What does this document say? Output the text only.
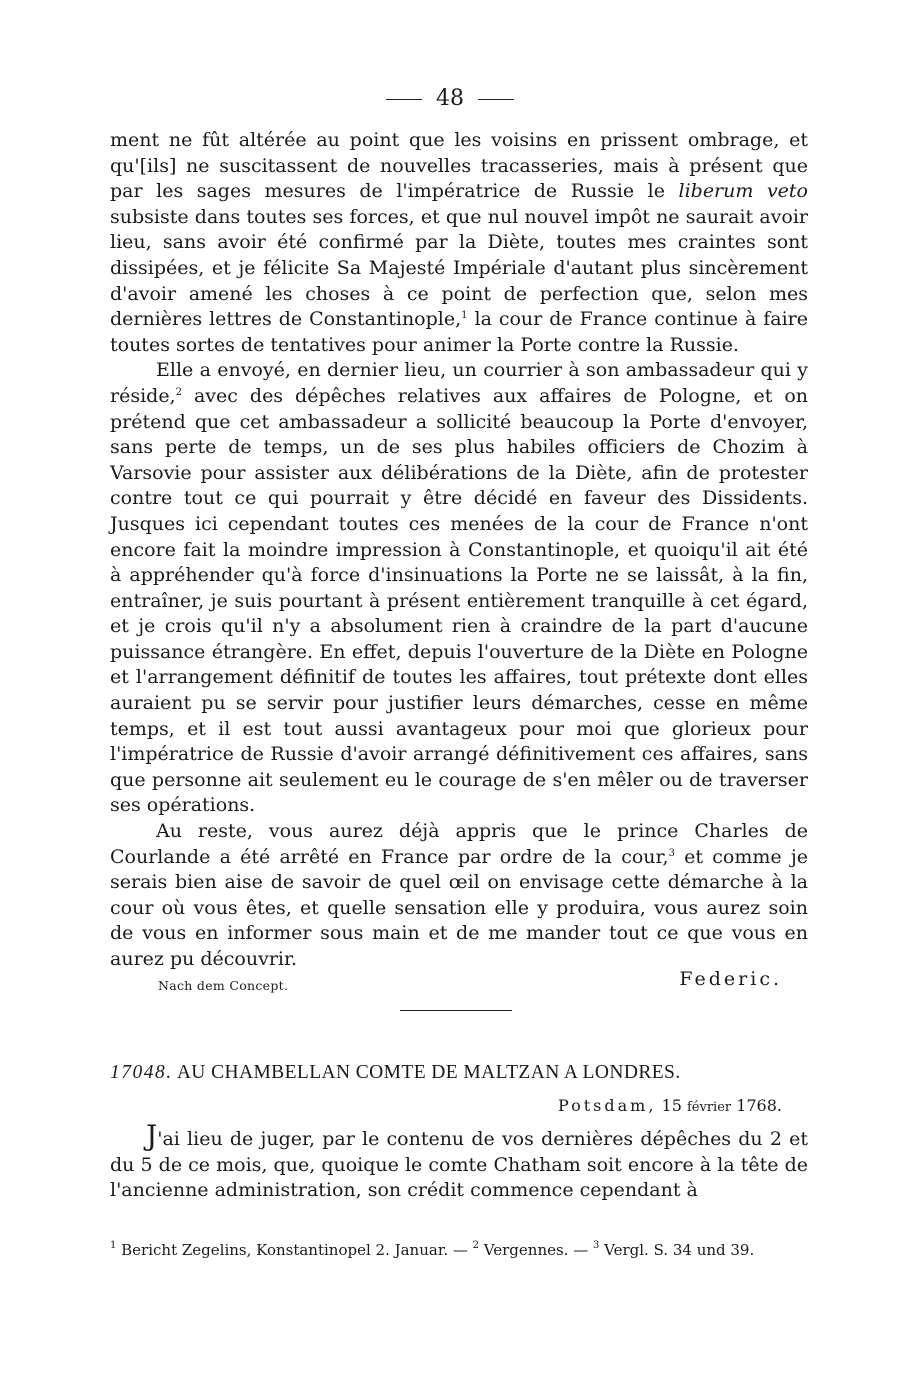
48

ment ne fût altérée au point que les voisins en prissent ombrage, et qu'[ils] ne suscitassent de nouvelles tracasseries, mais à présent que par les sages mesures de l'impératrice de Russie le liberum veto subsiste dans toutes ses forces, et que nul nouvel impôt ne saurait avoir lieu, sans avoir été confirmé par la Diète, toutes mes craintes sont dissipées, et je félicite Sa Majesté Impériale d'autant plus sincèrement d'avoir amené les choses à ce point de perfection que, selon mes dernières lettres de Constantinople,$^1$ la cour de France continue à faire toutes sortes de tentatives pour animer la Porte contre la Russie.

Elle a envoyé, en dernier lieu, un courrier à son ambassadeur qui y réside,$^2$ avec des dépêches relatives aux affaires de Pologne, et on prétend que cet ambassadeur a sollicité beaucoup la Porte d'envoyer, sans perte de temps, un de ses plus habiles officiers de Chozim à Varsovie pour assister aux délibérations de la Diète, afin de protester contre tout ce qui pourrait y être décidé en faveur des Dissidents. Jusques ici cependant toutes ces menées de la cour de France n'ont encore fait la moindre impression à Constantinople, et quoiqu'il ait été à appréhender qu'à force d'insinuations la Porte ne se laissât, à la fin, entraîner, je suis pourtant à présent entièrement tranquille à cet égard, et je crois qu'il n'y a absolument rien à craindre de la part d'aucune puissance étrangère. En effet, depuis l'ouverture de la Diète en Pologne et l'arrangement définitif de toutes les affaires, tout prétexte dont elles auraient pu se servir pour justifier leurs démarches, cesse en même temps, et il est tout aussi avantageux pour moi que glorieux pour l'impératrice de Russie d'avoir arrangé définitivement ces affaires, sans que personne ait seulement eu le courage de s'en mêler ou de traverser ses opérations.

Au reste, vous aurez déjà appris que le prince Charles de Courlande a été arrêté en France par ordre de la cour,$^3$ et comme je serais bien aise de savoir de quel œil on envisage cette démarche à la cour où vous êtes, et quelle sensation elle y produira, vous aurez soin de vous en informer sous main et de me mander tout ce que vous en aurez pu découvrir.

Nach dem Concept.	Federic.
17048. AU CHAMBELLAN COMTE DE MALTZAN A LONDRES.
Potsdam, 15 février 1768.

J'ai lieu de juger, par le contenu de vos dernières dépêches du 2 et du 5 de ce mois, que, quoique le comte Chatham soit encore à la tête de l'ancienne administration, son crédit commence cependant à

$^1$ Bericht Zegelins, Konstantinopel 2. Januar. — $^2$ Vergennes. — $^3$ Vergl. S. 34 und 39.
